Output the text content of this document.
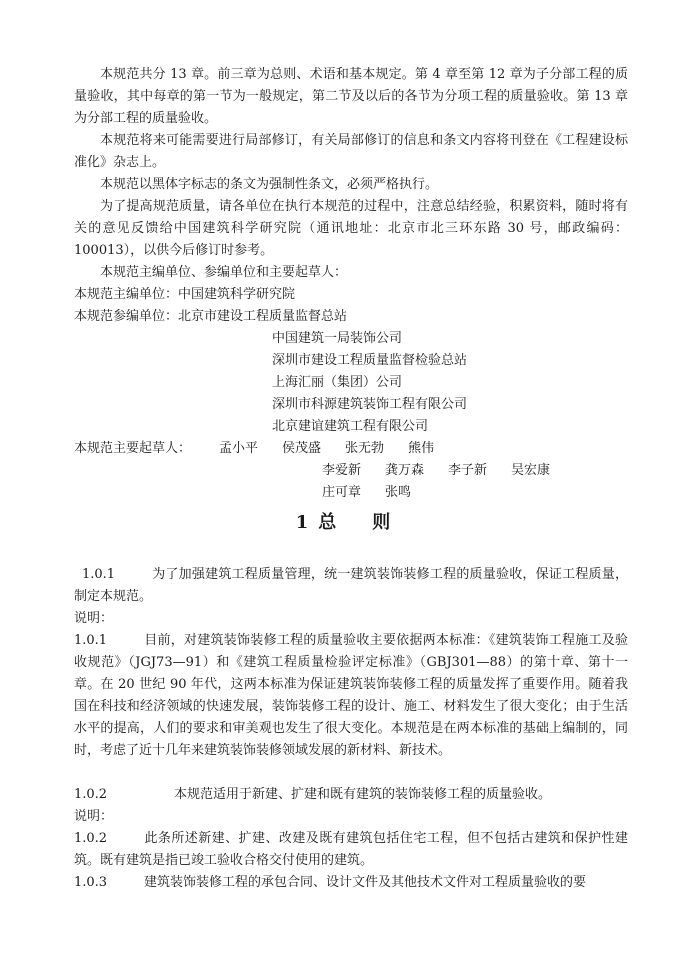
本规范共分 13 章。前三章为总则、术语和基本规定。第 4 章至第 12 章为子分部工程的质量验收，其中每章的第一节为一般规定，第二节及以后的各节为分项工程的质量验收。第 13 章为分部工程的质量验收。

本规范将来可能需要进行局部修订，有关局部修订的信息和条文内容将刊登在《工程建设标准化》杂志上。

本规范以黑体字标志的条文为强制性条文，必须严格执行。

为了提高规范质量，请各单位在执行本规范的过程中，注意总结经验，积累资料，随时将有关的意见反馈给中国建筑科学研究院（通讯地址：北京市北三环东路 30 号，邮政编码：100013），以供今后修订时参考。

本规范主编单位、参编单位和主要起草人：

本规范主编单位：中国建筑科学研究院

本规范参编单位：北京市建设工程质量监督总站

中国建筑一局装饰公司

深圳市建设工程质量监督检验总站

上海汇丽（集团）公司

深圳市科源建筑装饰工程有限公司

北京建谊建筑工程有限公司

本规范主要起草人： 孟小平 侯茂盛 张无勃 熊伟

李爱新 龚万森 李子新 吴宏康

庄可章 张鸣

1 总 则

1.0.1	为了加强建筑工程质量管理，统一建筑装饰装修工程的质量验收，保证工程质量，制定本规范。

说明：

1.0.1	目前，对建筑装饰装修工程的质量验收主要依据两本标准：《建筑装饰工程施工及验收规范》（JGJ73—91）和《建筑工程质量检验评定标准》（GBJ301—88）的第十章、第十一章。在 20 世纪 90 年代，这两本标准为保证建筑装饰装修工程的质量发挥了重要作用。随着我国在科技和经济领域的快速发展，装饰装修工程的设计、施工、材料发生了很大变化；由于生活水平的提高，人们的要求和审美观也发生了很大变化。本规范是在两本标准的基础上编制的，同时，考虑了近十几年来建筑装饰装修领域发展的新材料、新技术。

1.0.2	本规范适用于新建、扩建和既有建筑的装饰装修工程的质量验收。

说明：

1.0.2	此条所述新建、扩建、改建及既有建筑包括住宅工程，但不包括古建筑和保护性建筑。既有建筑是指已竣工验收合格交付使用的建筑。

1.0.3	建筑装饰装修工程的承包合同、设计文件及其他技术文件对工程质量验收的要
